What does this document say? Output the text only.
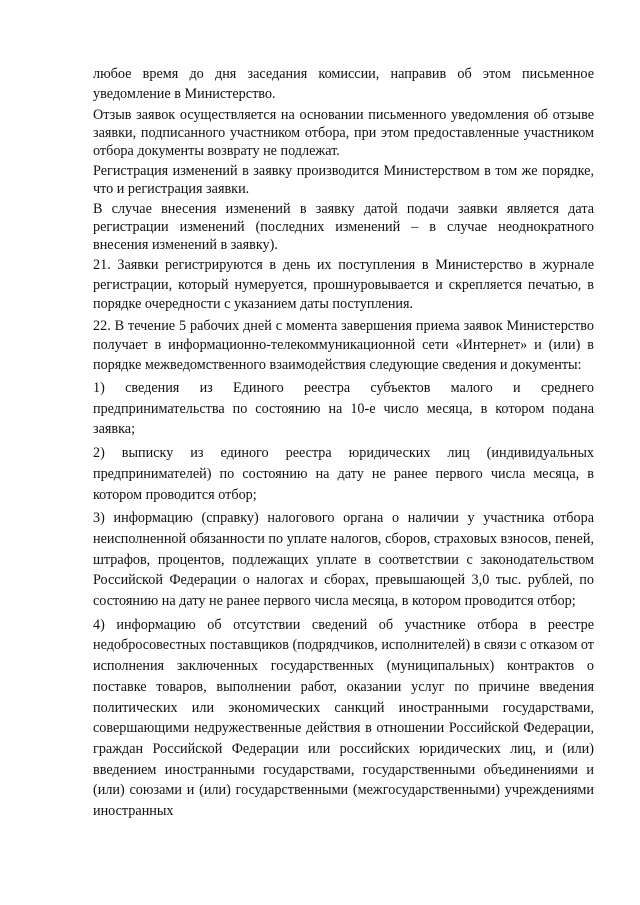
любое время до дня заседания комиссии, направив об этом письменное уведомление в Министерство.

Отзыв заявок осуществляется на основании письменного уведомления об отзыве заявки, подписанного участником отбора, при этом предоставленные участником отбора документы возврату не подлежат.

Регистрация изменений в заявку производится Министерством в том же порядке, что и регистрация заявки.

В случае внесения изменений в заявку датой подачи заявки является дата регистрации изменений (последних изменений – в случае неоднократного внесения изменений в заявку).

21. Заявки регистрируются в день их поступления в Министерство в журнале регистрации, который нумеруется, прошнуровывается и скрепляется печатью, в порядке очередности с указанием даты поступления.

22. В течение 5 рабочих дней с момента завершения приема заявок Министерство получает в информационно-телекоммуникационной сети «Интернет» и (или) в порядке межведомственного взаимодействия следующие сведения и документы:

1) сведения из Единого реестра субъектов малого и среднего предпринимательства по состоянию на 10-е число месяца, в котором подана заявка;

2) выписку из единого реестра юридических лиц (индивидуальных предпринимателей) по состоянию на дату не ранее первого числа месяца, в котором проводится отбор;

3) информацию (справку) налогового органа о наличии у участника отбора неисполненной обязанности по уплате налогов, сборов, страховых взносов, пеней, штрафов, процентов, подлежащих уплате в соответствии с законодательством Российской Федерации о налогах и сборах, превышающей 3,0 тыс. рублей, по состоянию на дату не ранее первого числа месяца, в котором проводится отбор;

4) информацию об отсутствии сведений об участнике отбора в реестре недобросовестных поставщиков (подрядчиков, исполнителей) в связи с отказом от исполнения заключенных государственных (муниципальных) контрактов о поставке товаров, выполнении работ, оказании услуг по причине введения политических или экономических санкций иностранными государствами, совершающими недружественные действия в отношении Российской Федерации, граждан Российской Федерации или российских юридических лиц, и (или) введением иностранными государствами, государственными объединениями и (или) союзами и (или) государственными (межгосударственными) учреждениями иностранных
